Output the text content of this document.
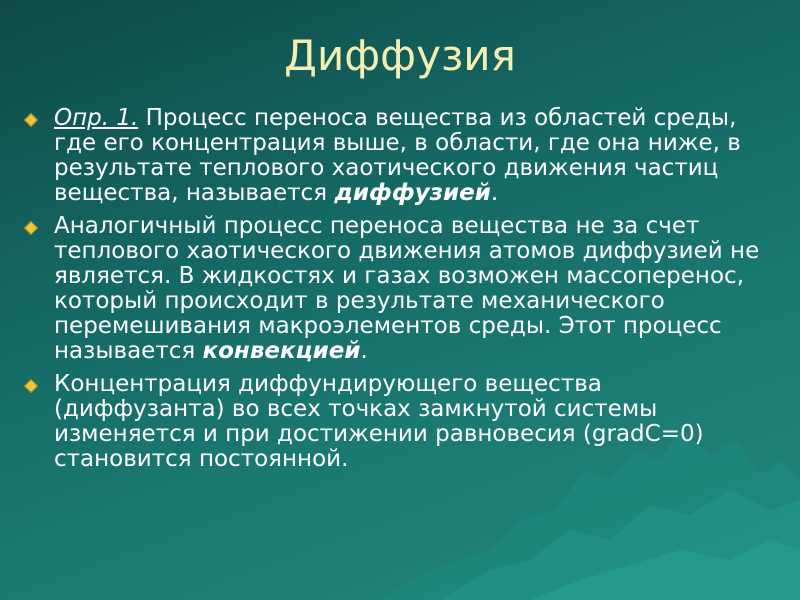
Диффузия
Опр. 1. Процесс переноса вещества из областей среды, где его концентрация выше, в области, где она ниже, в результате теплового хаотического движения частиц вещества, называется диффузией.
Аналогичный процесс переноса вещества не за счет теплового хаотического движения атомов диффузией не является. В жидкостях и газах возможен массоперенос, который происходит в результате механического перемешивания макроэлементов среды. Этот процесс называется конвекцией.
Концентрация диффундирующего вещества (диффузанта) во всех точках замкнутой системы изменяется и при достижении равновесия (gradC=0) становится постоянной.
